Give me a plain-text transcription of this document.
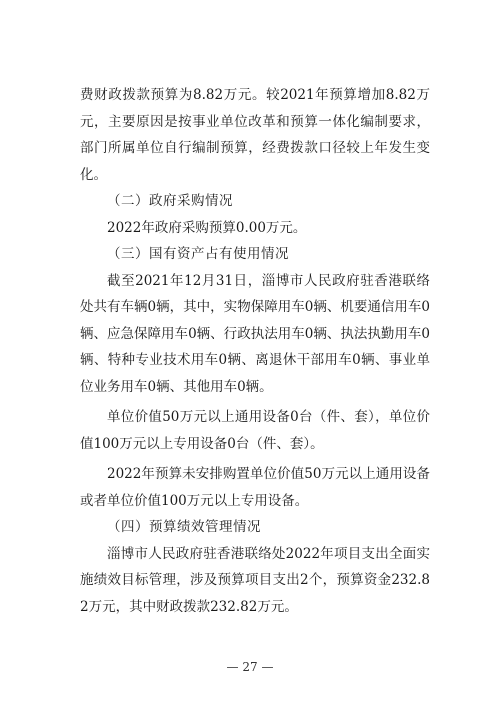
费财政拨款预算为8.82万元。较2021年预算增加8.82万元，主要原因是按事业单位改革和预算一体化编制要求，部门所属单位自行编制预算，经费拨款口径较上年发生变化。

（二）政府采购情况

2022年政府采购预算0.00万元。

（三）国有资产占有使用情况

截至2021年12月31日，淄博市人民政府驻香港联络处共有车辆0辆，其中，实物保障用车0辆、机要通信用车0辆、应急保障用车0辆、行政执法用车0辆、执法执勤用车0辆、特种专业技术用车0辆、离退休干部用车0辆、事业单位业务用车0辆、其他用车0辆。

单位价值50万元以上通用设备0台（件、套），单位价值100万元以上专用设备0台（件、套）。

2022年预算未安排购置单位价值50万元以上通用设备或者单位价值100万元以上专用设备。

（四）预算绩效管理情况

淄博市人民政府驻香港联络处2022年项目支出全面实施绩效目标管理，涉及预算项目支出2个，预算资金232.82万元，其中财政拨款232.82万元。

— 27 —
